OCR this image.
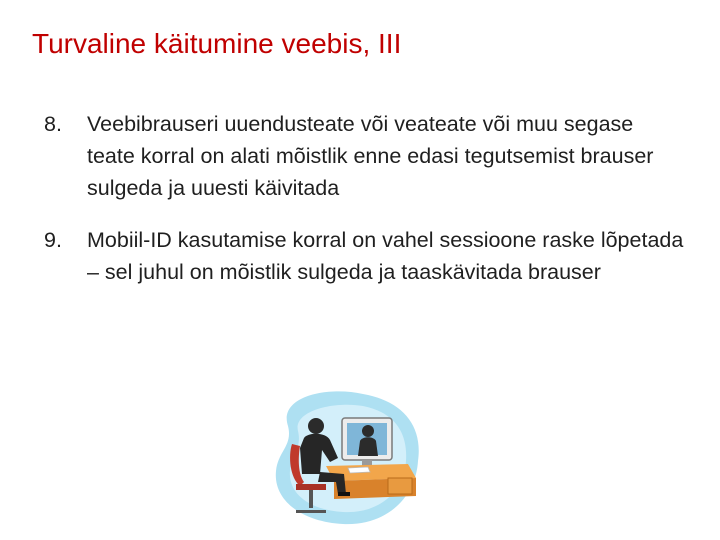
Turvaline käitumine veebis, III
8. Veebibrauseri uuendusteate või veateate või muu segase teate korral on alati mõistlik enne edasi tegutsemist brauser sulgeda ja uuesti käivitada
9. Mobiil-ID kasutamise korral on vahel sessioone raske lõpetada – sel juhul on mõistlik sulgeda ja taaskävitada brauser
